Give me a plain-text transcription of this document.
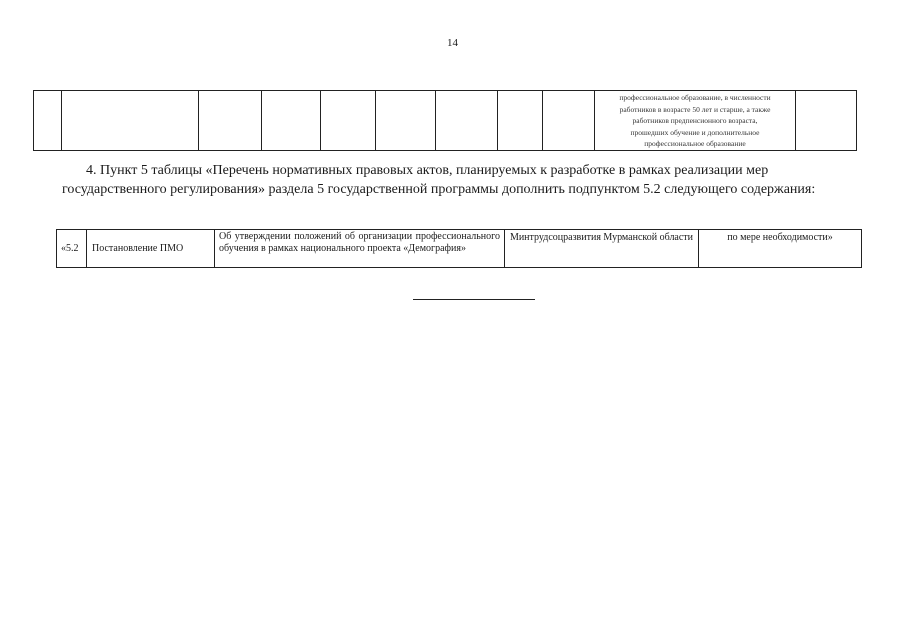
14

профессиональное образование, в численности
работников в возрасте 50 лет и старше, а также
работников предпенсионного возраста,
прошедших обучение и дополнительное
профессиональное образование

4. Пункт 5 таблицы «Перечень нормативных правовых актов, планируемых к разработке в рамках реализации мер государственного регулирования» раздела 5 государственной программы дополнить подпунктом 5.2 следующего содержания:
«5.2	Постановление ПМО	Об утверждении положений об организации профессионального обучения в рамках национального проекта «Демография»	Минтрудсоцразвития Мурманской области	по мере необходимости»
